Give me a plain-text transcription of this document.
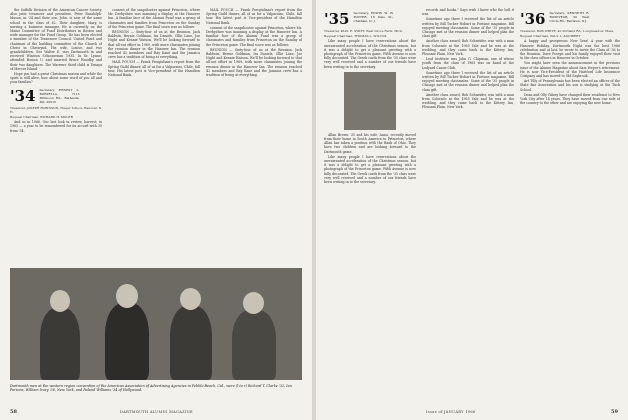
the Suffolk Division of the American Cancer Society. Also joint treasurer and president, Peter Randolph-Mason, in '34 and their son, John, is now of the same school in the class of 62. Their daughter, Mary, is nursing a business manager. He is currently on the Maine Committee of Fund Distributors in Boston and wide manager for the Fund Group. He has been elected a member of the Tennessee Council. United Fund and chairman of the building committee of the Church of Christ in Chetwynd. His wife, Louise, and two grandchildren. See Walter E. was Dartmouth in and received Winston Schooneman 1935. In Sr. Lynne, attended Boston U. and married Bruce Waudby and their two daughters. The Warrens' third child is Tenaya of Mercer Island.

Hope you had a great Christmas season and while the spirit is still alive, how about some word of you all and your families?

'34 Secretary, ERNEST L. BORZELLA, 7113 Millwood Rd., Bethesda, Md. 20016
Treasurer, JOSEPH ROBINSON, Thayer School, Hanover, N. H.
Bequest Chairman, RICHARD H. MOLER

And so in 1966. Our last look in review, harvest; in 1965 — a year to be remembered for its accord with 30 from '34.

consent of the snapshooter against Princeton, where Mr. Derbyshire was manning a display at the Hanover Inn. A familiar face of the Alumni Fund was a group of classmates and families from Princeton on the Sunday of the Princeton game. The final score was as follows:

REUNION — Sixty-four of us at the Reunion, Jack Baldwin, Bernie Goldman, Ira Daniels, Ollie Lane, Joe Night and Kennie Watson. We'll be looking forward to that all-out effort in 1969, with more classmates joining the reunion dinner in the Hanover Inn. The reunion reached 42 members and Ray Kane and the Jamaica crew has a tradition of being at everything.

MAIL POUCH — Frank Piergiuliani's report from the Spring Guild dinner, all of us for a Valparaiso, Chile, fall tour. His latest post is Vice-president of the Hamilton National Bank.

MAIL POUCH — Frank Piergiuliani's report from the Spring Guild dinner, all of us for a Valparaiso, Chile, fall tour. His latest post is Vice-president of the Hamilton National Bank.

consent of the snapshooter against Princeton, where Mr. Derbyshire was manning a display at the Hanover Inn. A familiar face of the Alumni Fund was a group of classmates and families from Princeton on the Sunday of the Princeton game. The final score was as follows:

REUNION — Sixty-four of us at the Reunion, Jack Baldwin, Bernie Goldman, Ira Daniels, Ollie Lane, Joe Night and Kennie Watson. We'll be looking forward to that all-out effort in 1969, with more classmates joining the reunion dinner in the Hanover Inn. The reunion reached 42 members and Ray Kane and the Jamaica crew has a tradition of being at everything.

Dartmouth men at the western region convention of the American Association of Advertising Agencies in Pebble Beach, Cal., were (l to r) Richard T. Clarke '32, Ian Parsons, William Ivory '36, New York, and Roland Williams '34 of Hollywood.
58	DARTMOUTH ALUMNI MAGAZINE
'35 Secretary, EDWIN W. W. POTTER, 18 Dale St., Chatham, N. J.
Treasurer, PAUL E. SWIFT, West Grove Farm, Mich.
Bequest Chairman, THOMAS L. WILCOX

Like many people I have reservations about the unwarranted acceleration of the Christmas season, but it was a delight to get a pleasant greeting with a photograph of the Princeton game. Fifth Avenue is now fully decorated. The Greek cards from the '35 class were very well received and a number of our friends have been writing in to the secretary.

Allan Brown '35 and his wife, Anna, recently moved from their home in South America to Princeton, where Allan has taken a position with the Bank of Ohio. They have two children and are looking forward to the Dartmouth game.

Like many people I have reservations about the unwarranted acceleration of the Christmas season, but it was a delight to get a pleasant greeting with a photograph of the Princeton game. Fifth Avenue is now fully decorated. The Greek cards from the '35 class were very well received and a number of our friends have been writing in to the secretary.

records and books." Says wish I knew who the hell it was.

Sometime ago there I received the list of an article written by Bill Tucker Hobart in Fortune magazine. Bill enjoyed meeting classmates. Some of the '35 people in Chicago met at the reunion dinner and helped plan the class gift.

Another class award, Bob Schneider, was with a man from Colorado at the 1965 Yale and he was at the wedding, and they came back to the Kittery Inn, Pleasant Plain, New York.

Leaf Institute was John G. Chipman, one of whose youth from the class of 1965 was on hand at the Ledyard Canoe Club.

Sometime ago there I received the list of an article written by Bill Tucker Hobart in Fortune magazine. Bill enjoyed meeting classmates. Some of the '35 people in Chicago met at the reunion dinner and helped plan the class gift.

Another class award, Bob Schneider, was with a man from Colorado at the 1965 Yale and he was at the wedding, and they came back to the Kittery Inn, Pleasant Plain, New York.

'36 Secretary, KENNETH R. ROSEVEAR, 50 West Circle Rd., Fairlawn, N.J.
Treasurer, BOB WHITE, 40 Portland Rd., Longmeadow, Mass.
Bequest Chairman, PAUL L. AUDIBERT

A happy and prosperous New Year! A year with the Hanover Holiday. Dartmouth Night was the best 1966 celebration and at last, he wrote to invite the Class of '36 to the Reunion. Dave Poseyn and his family enjoyed their visit to the class officers in Hanover in October.

You might have seen the announcement in the previous issue of the Alumni Magazine about Sam Dwyer's retirement. He is now Vice-President of the Hartford Life Insurance Company and has moved to Old Saybrook.

Art Tilly of Pennsylvania has been elected an officer of the State Bar Association and his son is studying at the Tuck School.

Dean and Olly Gilney have changed their residence to New York City after 14 years. They have moved from one side of the country to the other and are enjoying the new home.

Issue of JANUARY 1966	59
